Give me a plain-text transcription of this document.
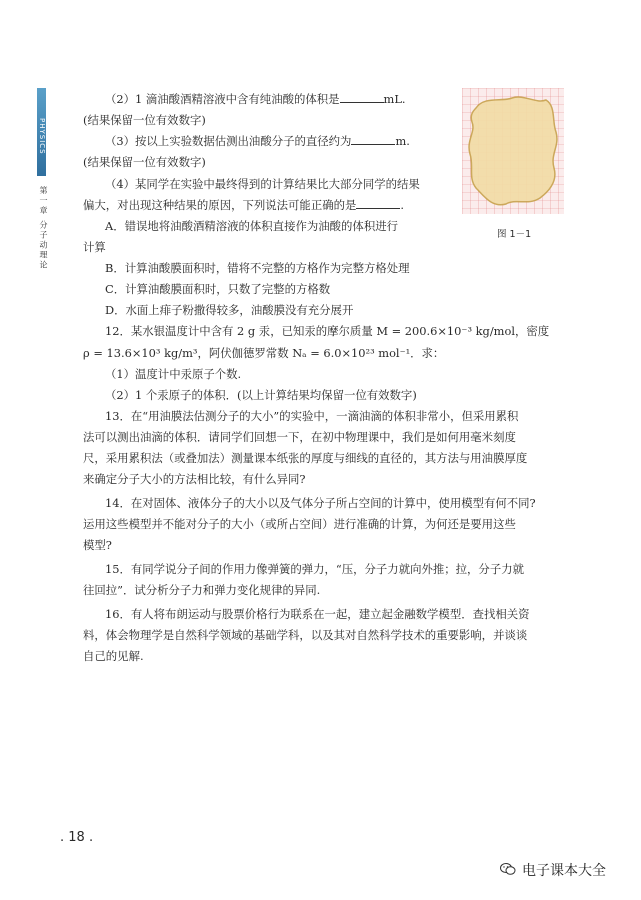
PHYSICS
第一章 分子动理论	图 1－1
（2）1 滴油酸酒精溶液中含有纯油酸的体积是	mL.
(结果保留一位有效数字)
（3）按以上实验数据估测出油酸分子的直径约为	m.
(结果保留一位有效数字)
（4）某同学在实验中最终得到的计算结果比大部分同学的结果
偏大，对出现这种结果的原因，下列说法可能正确的是	.
A．错误地将油酸酒精溶液的体积直接作为油酸的体积进行
计算
B．计算油酸膜面积时，错将不完整的方格作为完整方格处理
C．计算油酸膜面积时，只数了完整的方格数
D．水面上痱子粉撒得较多，油酸膜没有充分展开
12．某水银温度计中含有 2 g 汞，已知汞的摩尔质量 M = 200.6×10⁻³ kg/mol，密度
ρ = 13.6×10³ kg/m³，阿伏伽德罗常数 Nₐ = 6.0×10²³ mol⁻¹．求：
（1）温度计中汞原子个数.
（2）1 个汞原子的体积．(以上计算结果均保留一位有效数字)
13．在“用油膜法估测分子的大小”的实验中，一滴油滴的体积非常小，但采用累积
法可以测出油滴的体积．请同学们回想一下，在初中物理课中，我们是如何用毫米刻度
尺，采用累积法（或叠加法）测量课本纸张的厚度与细线的直径的，其方法与用油膜厚度
来确定分子大小的方法相比较，有什么异同?
14．在对固体、液体分子的大小以及气体分子所占空间的计算中，使用模型有何不同?
运用这些模型并不能对分子的大小（或所占空间）进行准确的计算，为何还是要用这些
模型?
15．有同学说分子间的作用力像弹簧的弹力，“压，分子力就向外推；拉，分子力就
往回拉”．试分析分子力和弹力变化规律的异同.
16．有人将布朗运动与股票价格行为联系在一起，建立起金融数学模型．查找相关资
料，体会物理学是自然科学领域的基础学科，以及其对自然科学技术的重要影响，并谈谈
自己的见解.
. 18 .
电子课本大全
